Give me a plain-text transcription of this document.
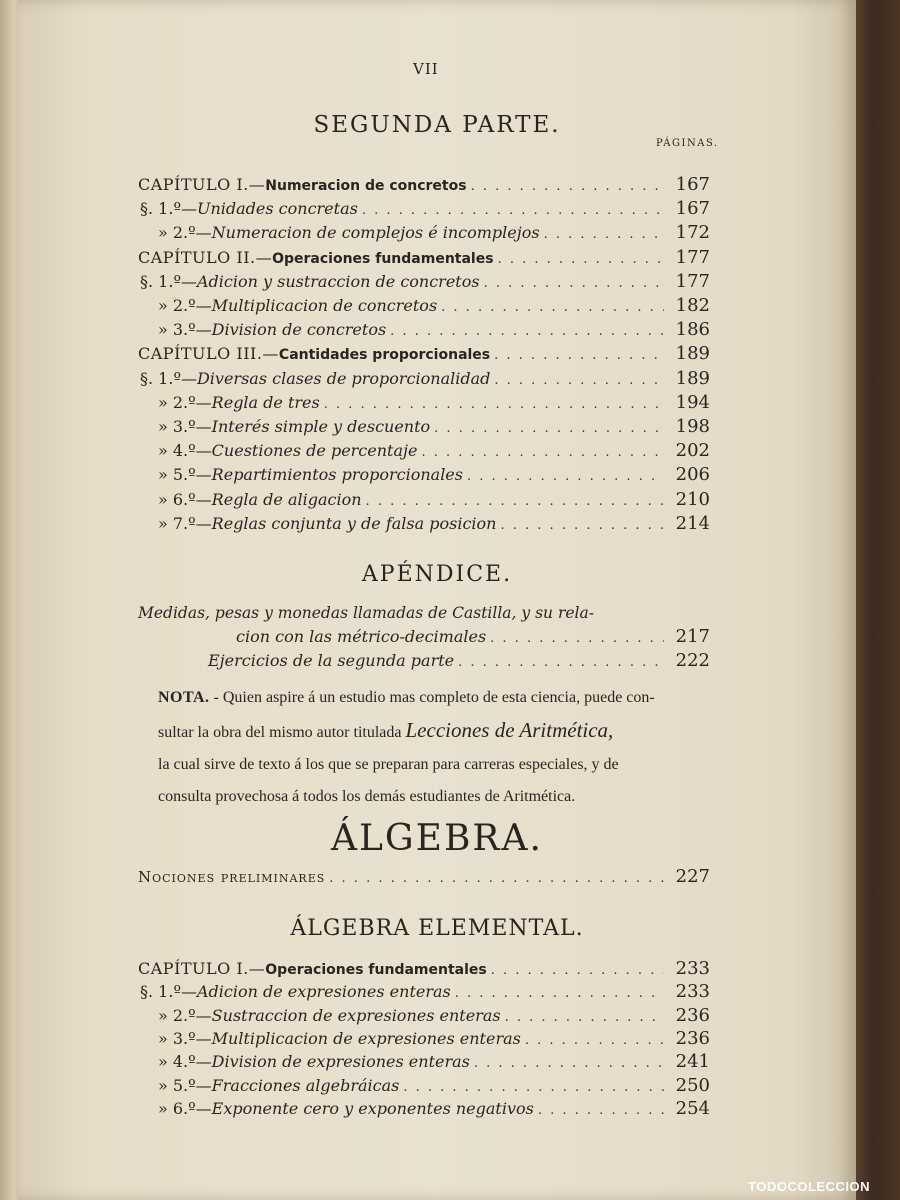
VII
SEGUNDA PARTE.
PÁGINAS.
CAPÍTULO I.—Numeracion de concretos . . .	167
§. 1.º—Unidades concretas . . .	167
» 2.º—Numeracion de complejos é incomplejos . . .	172
CAPÍTULO II.—Operaciones fundamentales . . .	177
§. 1.º—Adicion y sustraccion de concretos . . .	177
» 2.º—Multiplicacion de concretos . . .	182
» 3.º—Division de concretos . . .	186
CAPÍTULO III.—Cantidades proporcionales . . .	189
§. 1.º—Diversas clases de proporcionalidad . . .	189
» 2.º—Regla de tres . . .	194
» 3.º—Interés simple y descuento . . .	198
» 4.º—Cuestiones de percentaje . . .	202
» 5.º—Repartimientos proporcionales . . .	206
» 6.º—Regla de aligacion . . .	210
» 7.º—Reglas conjunta y de falsa posicion . . .	214
APÉNDICE.
Medidas, pesas y monedas llamadas de Castilla, y su rela-
cion con las métrico-decimales . . .	217
Ejercicios de la segunda parte . . .	222
NOTA. - Quien aspire á un estudio mas completo de esta ciencia, puede con-
sultar la obra del mismo autor titulada Lecciones de Aritmética,
la cual sirve de texto á los que se preparan para carreras especiales, y de
consulta provechosa á todos los demás estudiantes de Aritmética.
ÁLGEBRA.
Nociones preliminares . . .	227
ÁLGEBRA ELEMENTAL.
CAPÍTULO I.—Operaciones fundamentales . . .	233
§. 1.º—Adicion de expresiones enteras . . .	233
» 2.º—Sustraccion de expresiones enteras . . .	236
» 3.º—Multiplicacion de expresiones enteras . . .	236
» 4.º—Division de expresiones enteras . . .	241
» 5.º—Fracciones algebráicas . . .	250
» 6.º—Exponente cero y exponentes negativos . . .	254
TODOCOLECCION
